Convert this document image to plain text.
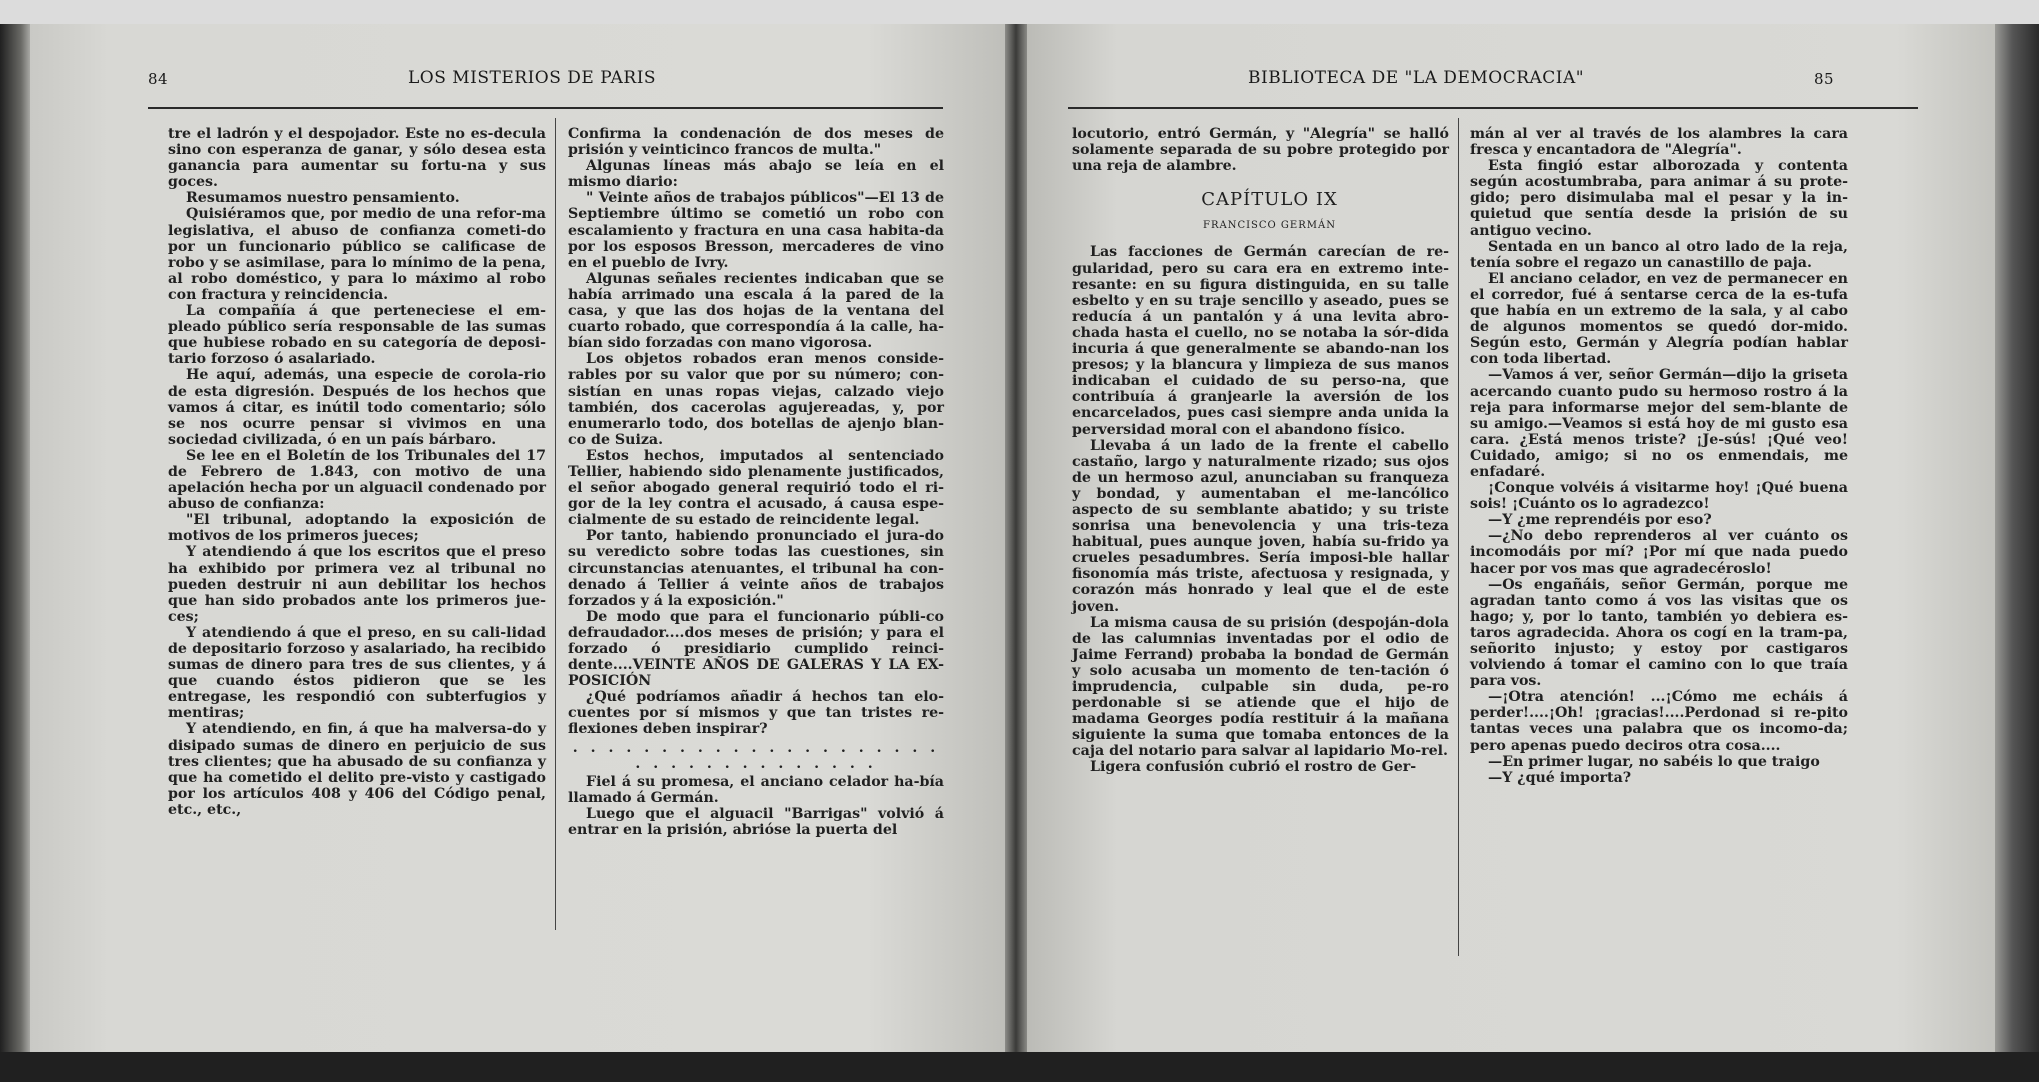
84	LOS MISTERIOS DE PARIS

tre el ladrón y el despojador. Este no es-decula sino con esperanza de ganar, y sólo desea esta ganancia para aumentar su fortu-na y sus goces.

Resumamos nuestro pensamiento.

Quisiéramos que, por medio de una refor-ma legislativa, el abuso de confianza cometi-do por un funcionario público se calificase de robo y se asimilase, para lo mínimo de la pena, al robo doméstico, y para lo máximo al robo con fractura y reincidencia.

La compañía á que perteneciese el em-pleado público sería responsable de las sumas que hubiese robado en su categoría de deposi-tario forzoso ó asalariado.

He aquí, además, una especie de corola-rio de esta digresión. Después de los hechos que vamos á citar, es inútil todo comentario; sólo se nos ocurre pensar si vivimos en una sociedad civilizada, ó en un país bárbaro.

Se lee en el Boletín de los Tribunales del 17 de Febrero de 1.843, con motivo de una apelación hecha por un alguacil condenado por abuso de confianza:

"El tribunal, adoptando la exposición de motivos de los primeros jueces;

Y atendiendo á que los escritos que el preso ha exhibido por primera vez al tribunal no pueden destruir ni aun debilitar los hechos que han sido probados ante los primeros jue-ces;

Y atendiendo á que el preso, en su cali-lidad de depositario forzoso y asalariado, ha recibido sumas de dinero para tres de sus clientes, y á que cuando éstos pidieron que se les entregase, les respondió con subterfugios y mentiras;

Y atendiendo, en fin, á que ha malversa-do y disipado sumas de dinero en perjuicio de sus tres clientes; que ha abusado de su confianza y que ha cometido el delito pre-visto y castigado por los artículos 408 y 406 del Código penal, etc., etc.,

Confirma la condenación de dos meses de prisión y veinticinco francos de multa."

Algunas líneas más abajo se leía en el mismo diario:

" Veinte años de trabajos públicos"—El 13 de Septiembre último se cometió un robo con escalamiento y fractura en una casa habita-da por los esposos Bresson, mercaderes de vino en el pueblo de Ivry.

Algunas señales recientes indicaban que se había arrimado una escala á la pared de la casa, y que las dos hojas de la ventana del cuarto robado, que correspondía á la calle, ha-bían sido forzadas con mano vigorosa.

Los objetos robados eran menos conside-rables por su valor que por su número; con-sistían en unas ropas viejas, calzado viejo también, dos cacerolas agujereadas, y, por enumerarlo todo, dos botellas de ajenjo blan-co de Suiza.

Estos hechos, imputados al sentenciado Tellier, habiendo sido plenamente justificados, el señor abogado general requirió todo el ri-gor de la ley contra el acusado, á causa espe-cialmente de su estado de reincidente legal.

Por tanto, habiendo pronunciado el jura-do su veredicto sobre todas las cuestiones, sin circunstancias atenuantes, el tribunal ha con-denado á Tellier á veinte años de trabajos forzados y á la exposición."

De modo que para el funcionario públi-co defraudador....dos meses de prisión; y para el forzado ó presidiario cumplido reinci-dente....VEINTE AÑOS DE GALERAS Y LA EX-POSICIÓN

¿Qué podríamos añadir á hechos tan elo-cuentes por sí mismos y que tan tristes re-flexiones deben inspirar?

. . . . . . . . . . . . . . . . . . . . . . . . . . . . . . . . . . .

Fiel á su promesa, el anciano celador ha-bía llamado á Germán.

Luego que el alguacil "Barrigas" volvió á entrar en la prisión, abrióse la puerta del

BIBLIOTECA DE "LA DEMOCRACIA"	85

locutorio, entró Germán, y "Alegría" se halló solamente separada de su pobre protegido por una reja de alambre.

CAPÍTULO IX

FRANCISCO GERMÁN

Las facciones de Germán carecían de re-gularidad, pero su cara era en extremo inte-resante: en su figura distinguida, en su talle esbelto y en su traje sencillo y aseado, pues se reducía á un pantalón y á una levita abro-chada hasta el cuello, no se notaba la sór-dida incuria á que generalmente se abando-nan los presos; y la blancura y limpieza de sus manos indicaban el cuidado de su perso-na, que contribuía á granjearle la aversión de los encarcelados, pues casi siempre anda unida la perversidad moral con el abandono físico.

Llevaba á un lado de la frente el cabello castaño, largo y naturalmente rizado; sus ojos de un hermoso azul, anunciaban su franqueza y bondad, y aumentaban el me-lancólico aspecto de su semblante abatido; y su triste sonrisa una benevolencia y una tris-teza habitual, pues aunque joven, había su-frido ya crueles pesadumbres. Sería imposi-ble hallar fisonomía más triste, afectuosa y resignada, y corazón más honrado y leal que el de este joven.

La misma causa de su prisión (despoján-dola de las calumnias inventadas por el odio de Jaime Ferrand) probaba la bondad de Germán y solo acusaba un momento de ten-tación ó imprudencia, culpable sin duda, pe-ro perdonable si se atiende que el hijo de madama Georges podía restituir á la mañana siguiente la suma que tomaba entonces de la caja del notario para salvar al lapidario Mo-rel.

Ligera confusión cubrió el rostro de Ger-

mán al ver al través de los alambres la cara fresca y encantadora de "Alegría".

Esta fingió estar alborozada y contenta según acostumbraba, para animar á su prote-gido; pero disimulaba mal el pesar y la in-quietud que sentía desde la prisión de su antiguo vecino.

Sentada en un banco al otro lado de la reja, tenía sobre el regazo un canastillo de paja.

El anciano celador, en vez de permanecer en el corredor, fué á sentarse cerca de la es-tufa que había en un extremo de la sala, y al cabo de algunos momentos se quedó dor-mido. Según esto, Germán y Alegría podían hablar con toda libertad.

—Vamos á ver, señor Germán—dijo la griseta acercando cuanto pudo su hermoso rostro á la reja para informarse mejor del sem-blante de su amigo.—Veamos si está hoy de mi gusto esa cara. ¿Está menos triste? ¡Je-sús! ¡Qué veo! Cuidado, amigo; si no os enmendais, me enfadaré.

¡Conque volvéis á visitarme hoy! ¡Qué buena sois! ¡Cuánto os lo agradezco!

—Y ¿me reprendéis por eso?

—¿No debo reprenderos al ver cuánto os incomodáis por mí? ¡Por mí que nada puedo hacer por vos mas que agradecéroslo!

—Os engañáis, señor Germán, porque me agradan tanto como á vos las visitas que os hago; y, por lo tanto, también yo debiera es-taros agradecida. Ahora os cogí en la tram-pa, señorito injusto; y estoy por castigaros volviendo á tomar el camino con lo que traía para vos.

—¡Otra atención! ...¡Cómo me echáis á perder!....¡Oh! ¡gracias!....Perdonad si re-pito tantas veces una palabra que os incomo-da; pero apenas puedo deciros otra cosa....

—En primer lugar, no sabéis lo que traigo

—Y ¿qué importa?
